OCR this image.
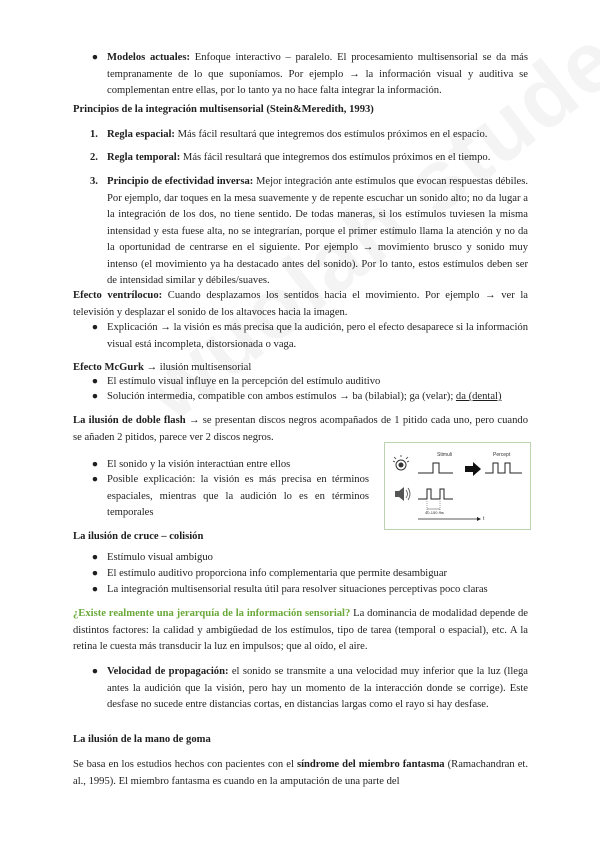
● Modelos actuales: Enfoque interactivo – paralelo. El procesamiento multisensorial se da más tempranamente de lo que suponíamos. Por ejemplo → la información visual y auditiva se complementan entre ellas, por lo tanto ya no hace falta integrar la información.
Principios de la integración multisensorial (Stein&Meredith, 1993)
1. Regla espacial: Más fácil resultará que integremos dos estímulos próximos en el espacio.
2. Regla temporal: Más fácil resultará que integremos dos estímulos próximos en el tiempo.
3. Principio de efectividad inversa: Mejor integración ante estímulos que evocan respuestas débiles. Por ejemplo, dar toques en la mesa suavemente y de repente escuchar un sonido alto; no da lugar a la integración de los dos, no tiene sentido. De todas maneras, si los estímulos tuviesen la misma intensidad y esta fuese alta, no se integrarían, porque el primer estímulo llama la atención y no da la oportunidad de centrarse en el siguiente. Por ejemplo → movimiento brusco y sonido muy intenso (el movimiento ya ha destacado antes del sonido). Por lo tanto, estos estímulos deben ser de intensidad similar y débiles/suaves.
Efecto ventrílocuo: Cuando desplazamos los sentidos hacia el movimiento. Por ejemplo → ver la televisión y desplazar el sonido de los altavoces hacia la imagen.
● Explicación → la visión es más precisa que la audición, pero el efecto desaparece si la información visual está incompleta, distorsionada o vaga.
Efecto McGurk → ilusión multisensorial
● El estímulo visual influye en la percepción del estímulo auditivo
● Solución intermedia, compatible con ambos estímulos → ba (bilabial); ga (velar); da (dental)
La ilusión de doble flash → se presentan discos negros acompañados de 1 pitido cada uno, pero cuando se añaden 2 pitidos, parece ver 2 discos negros.
● El sonido y la visión interactúan entre ellos
● Posible explicación: la visión es más precisa en términos espaciales, mientras que la audición lo es en términos temporales
Stimuli	Percept
40-150 ms
t
La ilusión de cruce – colisión
● Estímulo visual ambiguo
● El estímulo auditivo proporciona info complementaria que permite desambiguar
● La integración multisensorial resulta útil para resolver situaciones perceptivas poco claras
¿Existe realmente una jerarquía de la información sensorial? La dominancia de modalidad depende de distintos factores: la calidad y ambigüedad de los estímulos, tipo de tarea (temporal o espacial), etc. A la retina le cuesta más transducir la luz en impulsos; que al oído, el aire.
● Velocidad de propagación: el sonido se transmite a una velocidad muy inferior que la luz (llega antes la audición que la visión, pero hay un momento de la interacción donde se corrige). Este desfase no sucede entre distancias cortas, en distancias largas como el rayo si hay desfase.
La ilusión de la mano de goma
Se basa en los estudios hechos con pacientes con el síndrome del miembro fantasma (Ramachandran et. al., 1995). El miembro fantasma es cuando en la amputación de una parte del
